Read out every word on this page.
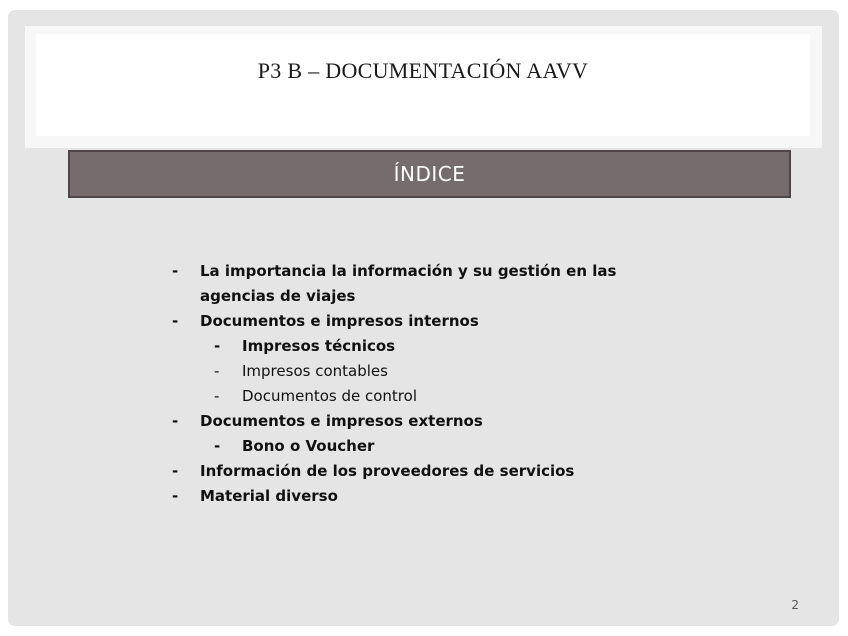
P3 B – DOCUMENTACIÓN AAVV
ÍNDICE
- La importancia la información y su gestión en las agencias de viajes
- Documentos e impresos internos
- Impresos técnicos
- Impresos contables
- Documentos de control
- Documentos e impresos externos
- Bono o Voucher
- Información de los proveedores de servicios
- Material diverso
2
